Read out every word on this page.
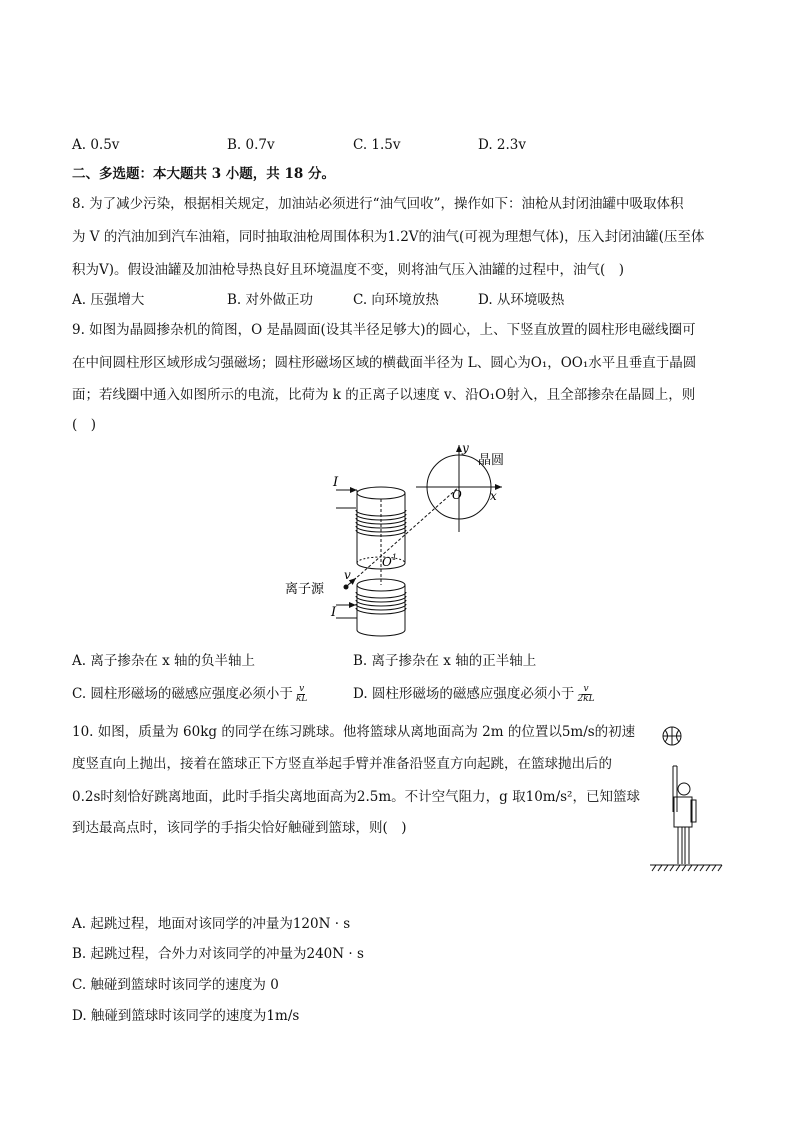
A. 0.5v	B. 0.7v	C. 1.5v	D. 2.3v
二、多选题：本大题共 3 小题，共 18 分。
8. 为了减少污染，根据相关规定，加油站必须进行“油气回收”，操作如下：油枪从封闭油罐中吸取体积
为 V 的汽油加到汽车油箱，同时抽取油枪周围体积为1.2V的油气(可视为理想气体)，压入封闭油罐(压至体
积为V)。假设油罐及加油枪导热良好且环境温度不变，则将油气压入油罐的过程中，油气(　)
A. 压强增大	B. 对外做正功	C. 向环境放热	D. 从环境吸热
9. 如图为晶圆掺杂机的简图，O 是晶圆面(设其半径足够大)的圆心，上、下竖直放置的圆柱形电磁线圈可
在中间圆柱形区域形成匀强磁场；圆柱形磁场区域的横截面半径为 L、圆心为O₁，OO₁水平且垂直于晶圆
面；若线圈中通入如图所示的电流，比荷为 k 的正离子以速度 v、沿O₁O射入，且全部掺杂在晶圆上，则
(　)
I
I
y
x
O
晶圆
$O^1$
v
离子源
A. 离子掺杂在 x 轴的负半轴上	B. 离子掺杂在 x 轴的正半轴上
C. 圆柱形磁场的磁感应强度必须小于 $\frac{v}{kL}$	D. 圆柱形磁场的磁感应强度必须小于 $\frac{v}{2kL}$
10. 如图，质量为 60kg 的同学在练习跳球。他将篮球从离地面高为 2m 的位置以5m/s的初速
度竖直向上抛出，接着在篮球正下方竖直举起手臂并准备沿竖直方向起跳，在篮球抛出后的
0.2s时刻恰好跳离地面，此时手指尖离地面高为2.5m。不计空气阻力，g 取10m/s²，已知篮球
到达最高点时，该同学的手指尖恰好触碰到篮球，则(　)
A. 起跳过程，地面对该同学的冲量为120N · s
B. 起跳过程，合外力对该同学的冲量为240N · s
C. 触碰到篮球时该同学的速度为 0
D. 触碰到篮球时该同学的速度为1m/s
